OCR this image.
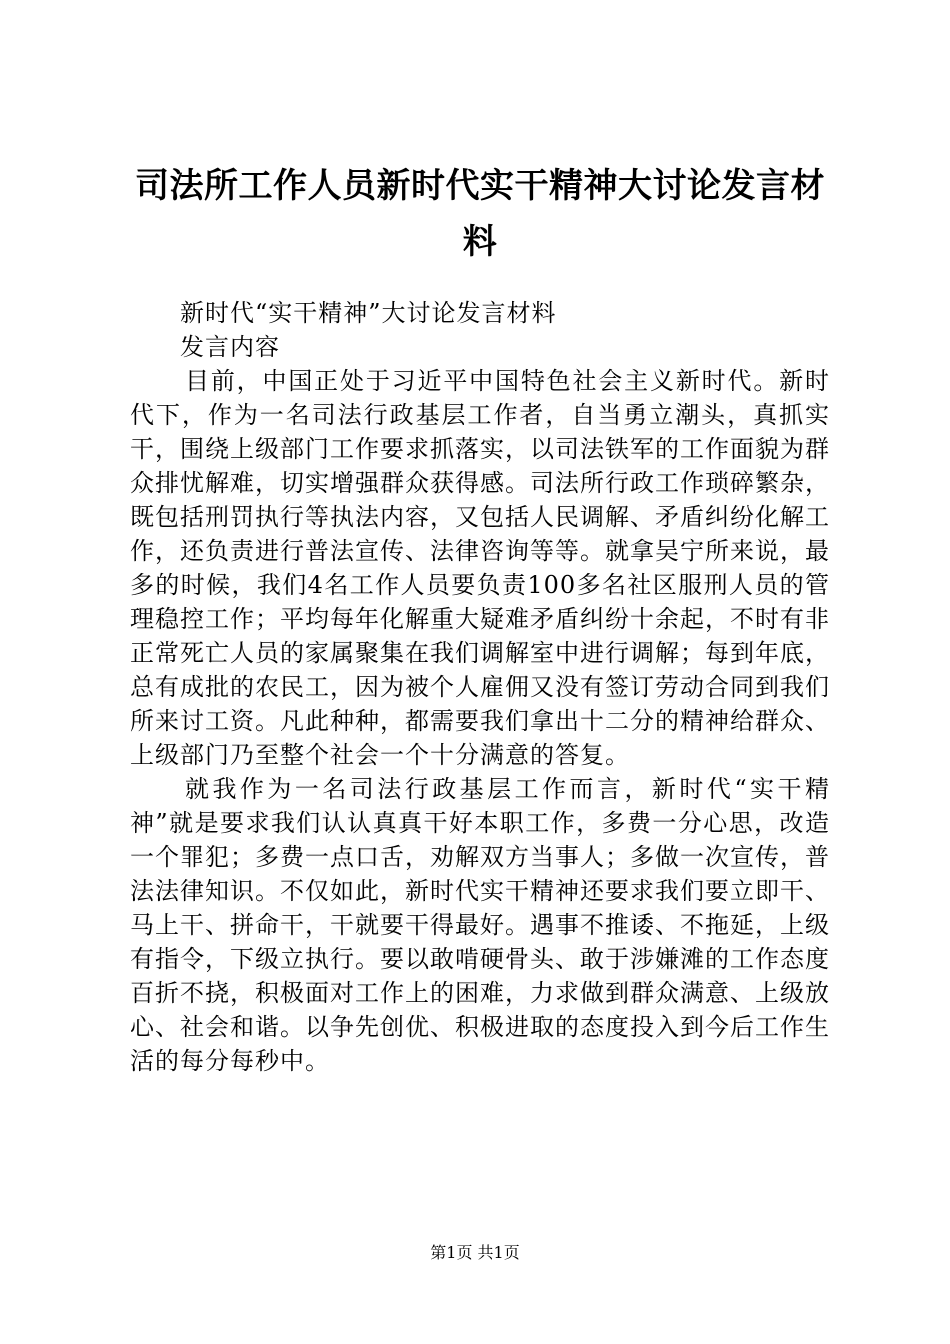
司法所工作人员新时代实干精神大讨论发言材料

新时代“实干精神”大讨论发言材料

发言内容

目前，中国正处于习近平中国特色社会主义新时代。新时代下，作为一名司法行政基层工作者，自当勇立潮头，真抓实干，围绕上级部门工作要求抓落实，以司法铁军的工作面貌为群众排忧解难，切实增强群众获得感。司法所行政工作琐碎繁杂，既包括刑罚执行等执法内容，又包括人民调解、矛盾纠纷化解工作，还负责进行普法宣传、法律咨询等等。就拿吴宁所来说，最多的时候，我们4名工作人员要负责100多名社区服刑人员的管理稳控工作；平均每年化解重大疑难矛盾纠纷十余起，不时有非正常死亡人员的家属聚集在我们调解室中进行调解；每到年底，总有成批的农民工，因为被个人雇佣又没有签订劳动合同到我们所来讨工资。凡此种种，都需要我们拿出十二分的精神给群众、上级部门乃至整个社会一个十分满意的答复。

就我作为一名司法行政基层工作而言，新时代“实干精神”就是要求我们认认真真干好本职工作，多费一分心思，改造一个罪犯；多费一点口舌，劝解双方当事人；多做一次宣传，普法法律知识。不仅如此，新时代实干精神还要求我们要立即干、马上干、拼命干，干就要干得最好。遇事不推诿、不拖延，上级有指令，下级立执行。要以敢啃硬骨头、敢于涉嫌滩的工作态度百折不挠，积极面对工作上的困难，力求做到群众满意、上级放心、社会和谐。以争先创优、积极进取的态度投入到今后工作生活的每分每秒中。

第1页 共1页
